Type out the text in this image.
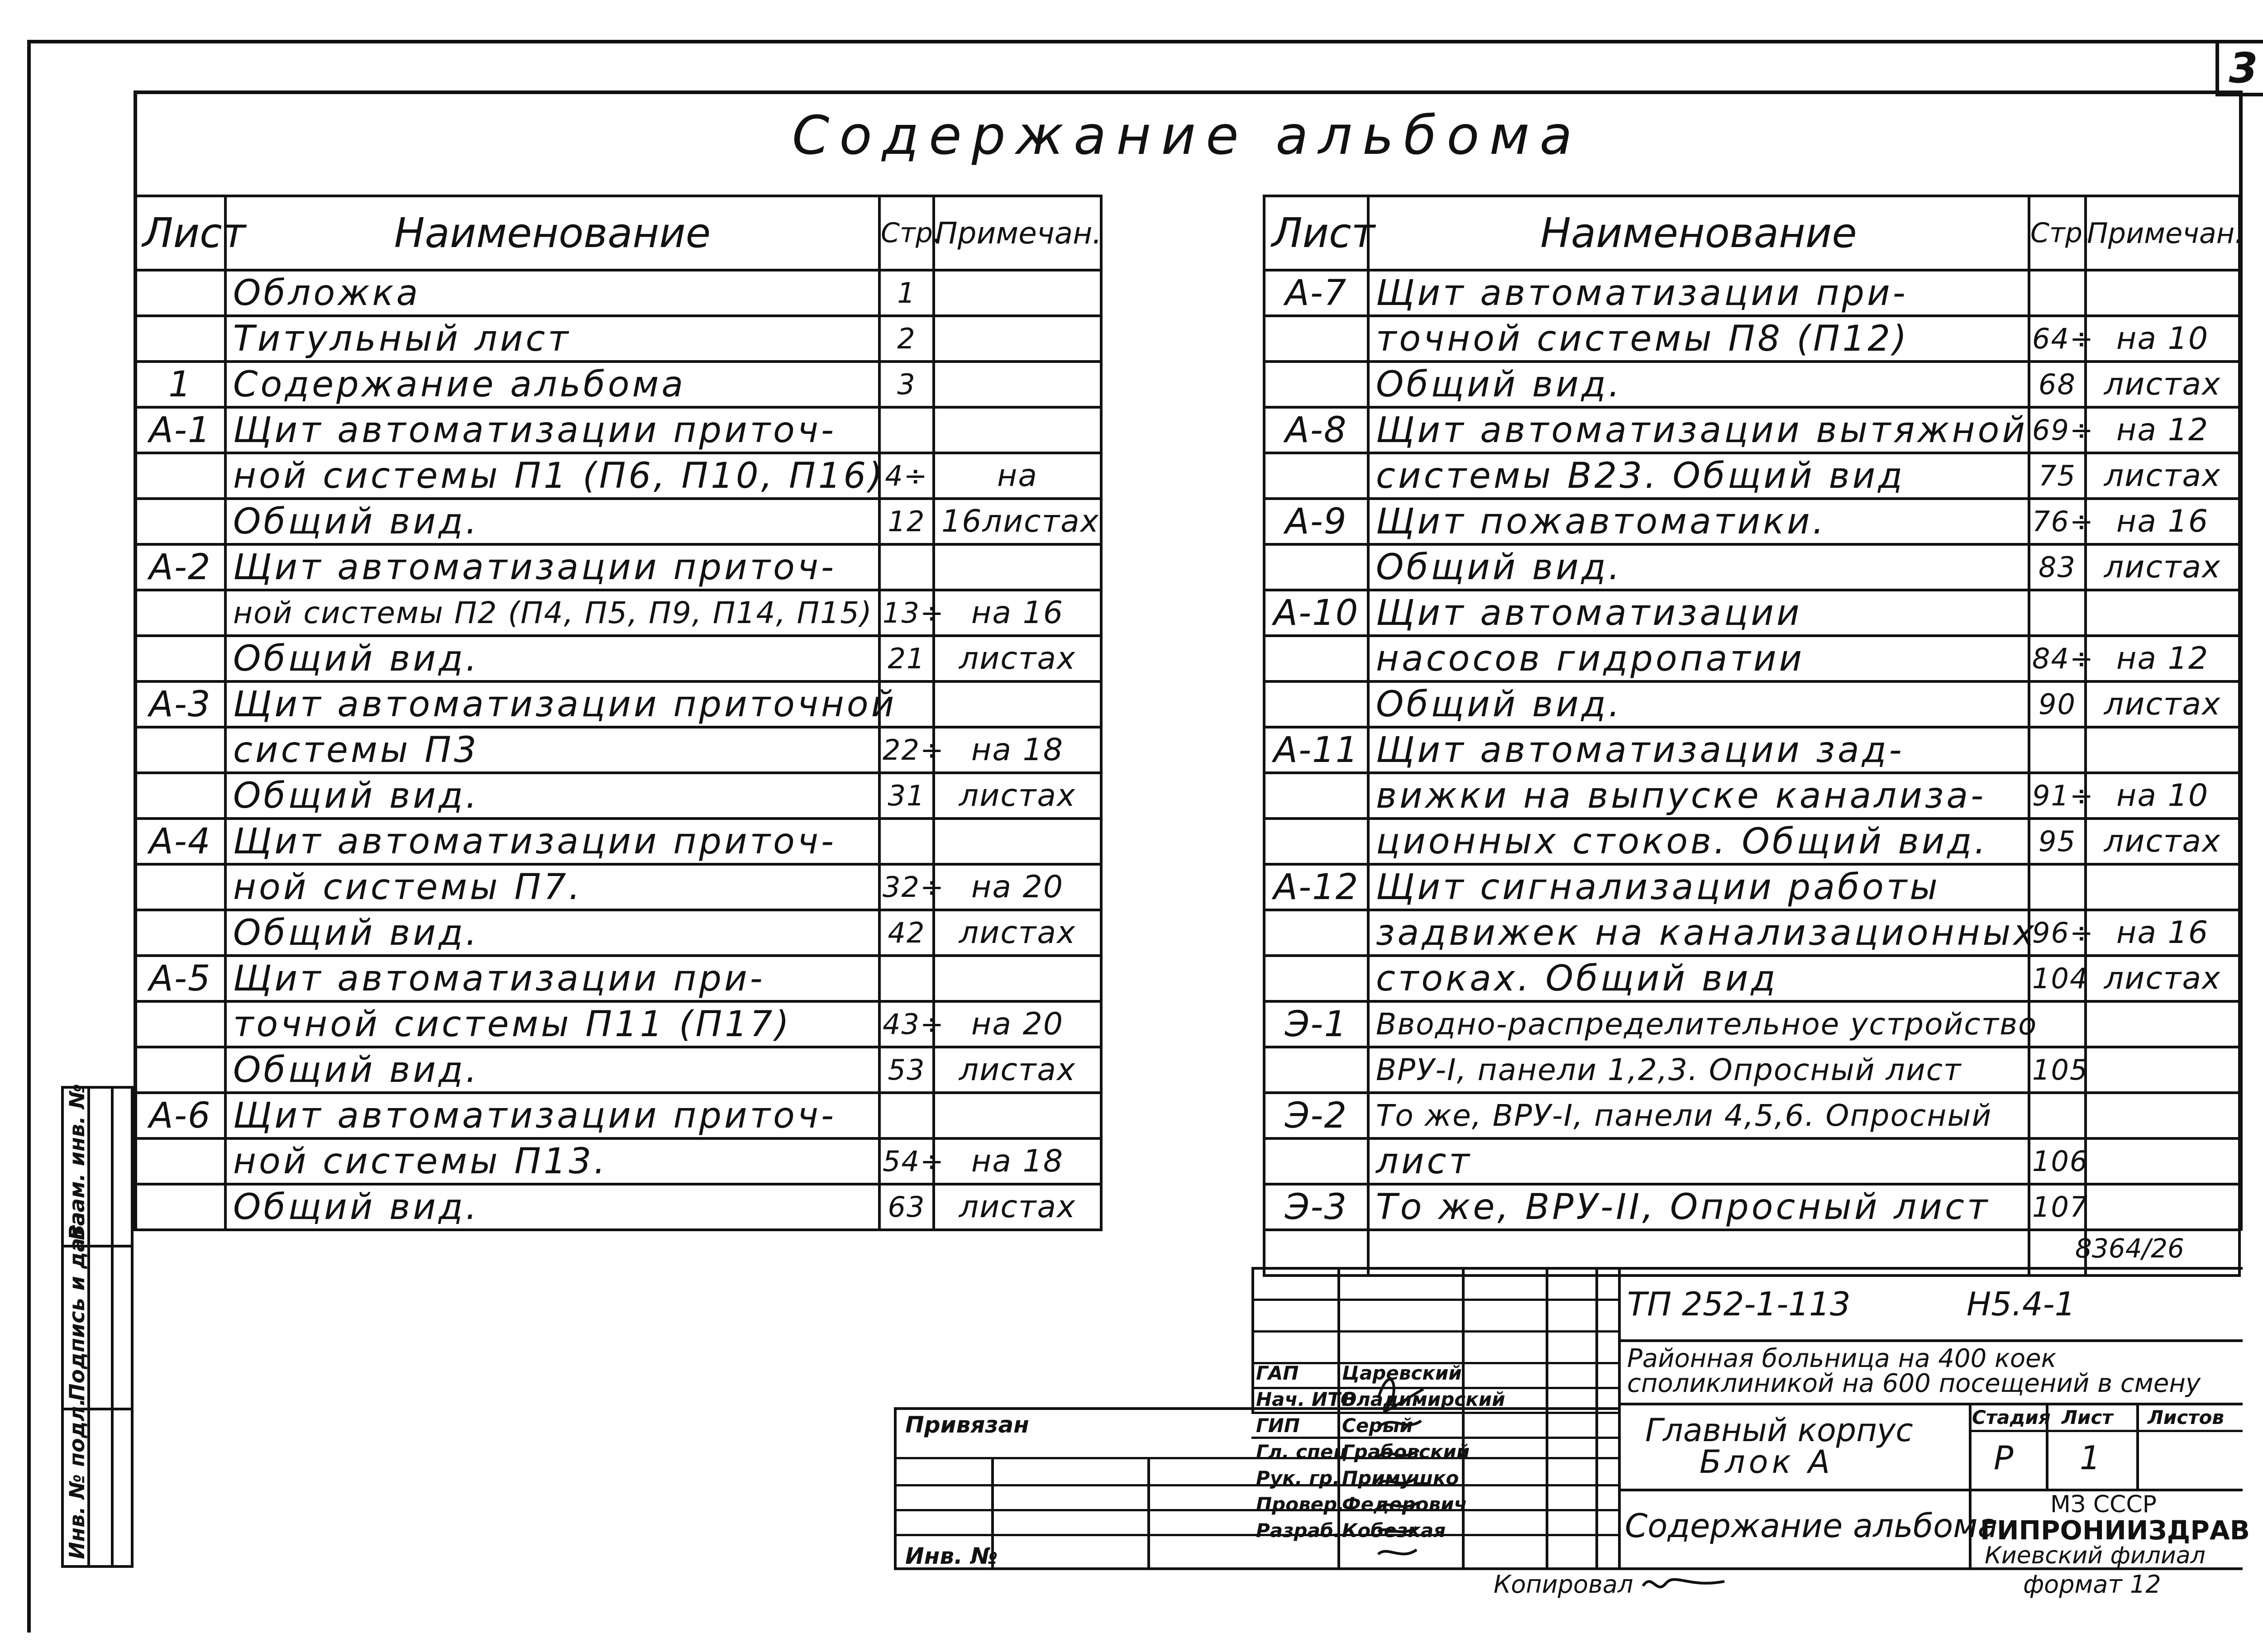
3
Содержание альбома
Лист	Наименование	Стр.	Примечан.
	Обложка	1	
	Титульный лист	2	
1	Содержание альбома	3	
А-1	Щит автоматизации приточ-		
	ной системы П1 (П6, П10, П16)	4÷	на
	Общий вид.	12	16листах
А-2	Щит автоматизации приточ-		
	ной системы П2 (П4, П5, П9, П14, П15)	13÷	на 16
	Общий вид.	21	листах
А-3	Щит автоматизации приточной		
	системы П3	22÷	на 18
	Общий вид.	31	листах
А-4	Щит автоматизации приточ-		
	ной системы П7.	32÷	на 20
	Общий вид.	42	листах
А-5	Щит автоматизации при-		
	точной системы П11 (П17)	43÷	на 20
	Общий вид.	53	листах
А-6	Щит автоматизации приточ-		
	ной системы П13.	54÷	на 18
	Общий вид.	63	листах
Лист	Наименование	Стр.	Примечан.
А-7	Щит автоматизации при-		
	точной системы П8 (П12)	64÷	на 10
	Общий вид.	68	листах
А-8	Щит автоматизации вытяжной	69÷	на 12
	системы В23. Общий вид	75	листах
А-9	Щит пожавтоматики.	76÷	на 16
	Общий вид.	83	листах
А-10	Щит автоматизации		
	насосов гидропатии	84÷	на 12
	Общий вид.	90	листах
А-11	Щит автоматизации зад-		
	вижки на выпуске канализа-	91÷	на 10
	ционных стоков. Общий вид.	95	листах
А-12	Щит сигнализации работы		
	задвижек на канализационных	96÷	на 16
	стоках. Общий вид	104	листах
Э-1	Вводно-распределительное устройство		
	ВРУ-I, панели 1,2,3. Опросный лист	105	
Э-2	То же, ВРУ-I, панели 4,5,6. Опросный		
	лист	106	
Э-3	То же, ВРУ-II, Опросный лист	107	

Инв. № подл.
Подпись и дата
Взам. инв. №
ТП 252-1-113	Н5.4-1
Районная больница на 400 коек
споликлиникой на 600 посещений в смену
Главный корпус
Блок А
Содержание альбома
Стадия Лист Листов
Р 1
МЗ СССР
ГИПРОНИИЗДРАВ
Киевский филиал
Привязан
Инв. №
ГАП Царевский
Нач. ИТО
Владимирский
ГИП Серый
Гл. спец
Грабовский
Рук. гр. Примушко
Провер.
Федерович
Разраб. Кобезкая
8364/26
Копировал	формат 12
